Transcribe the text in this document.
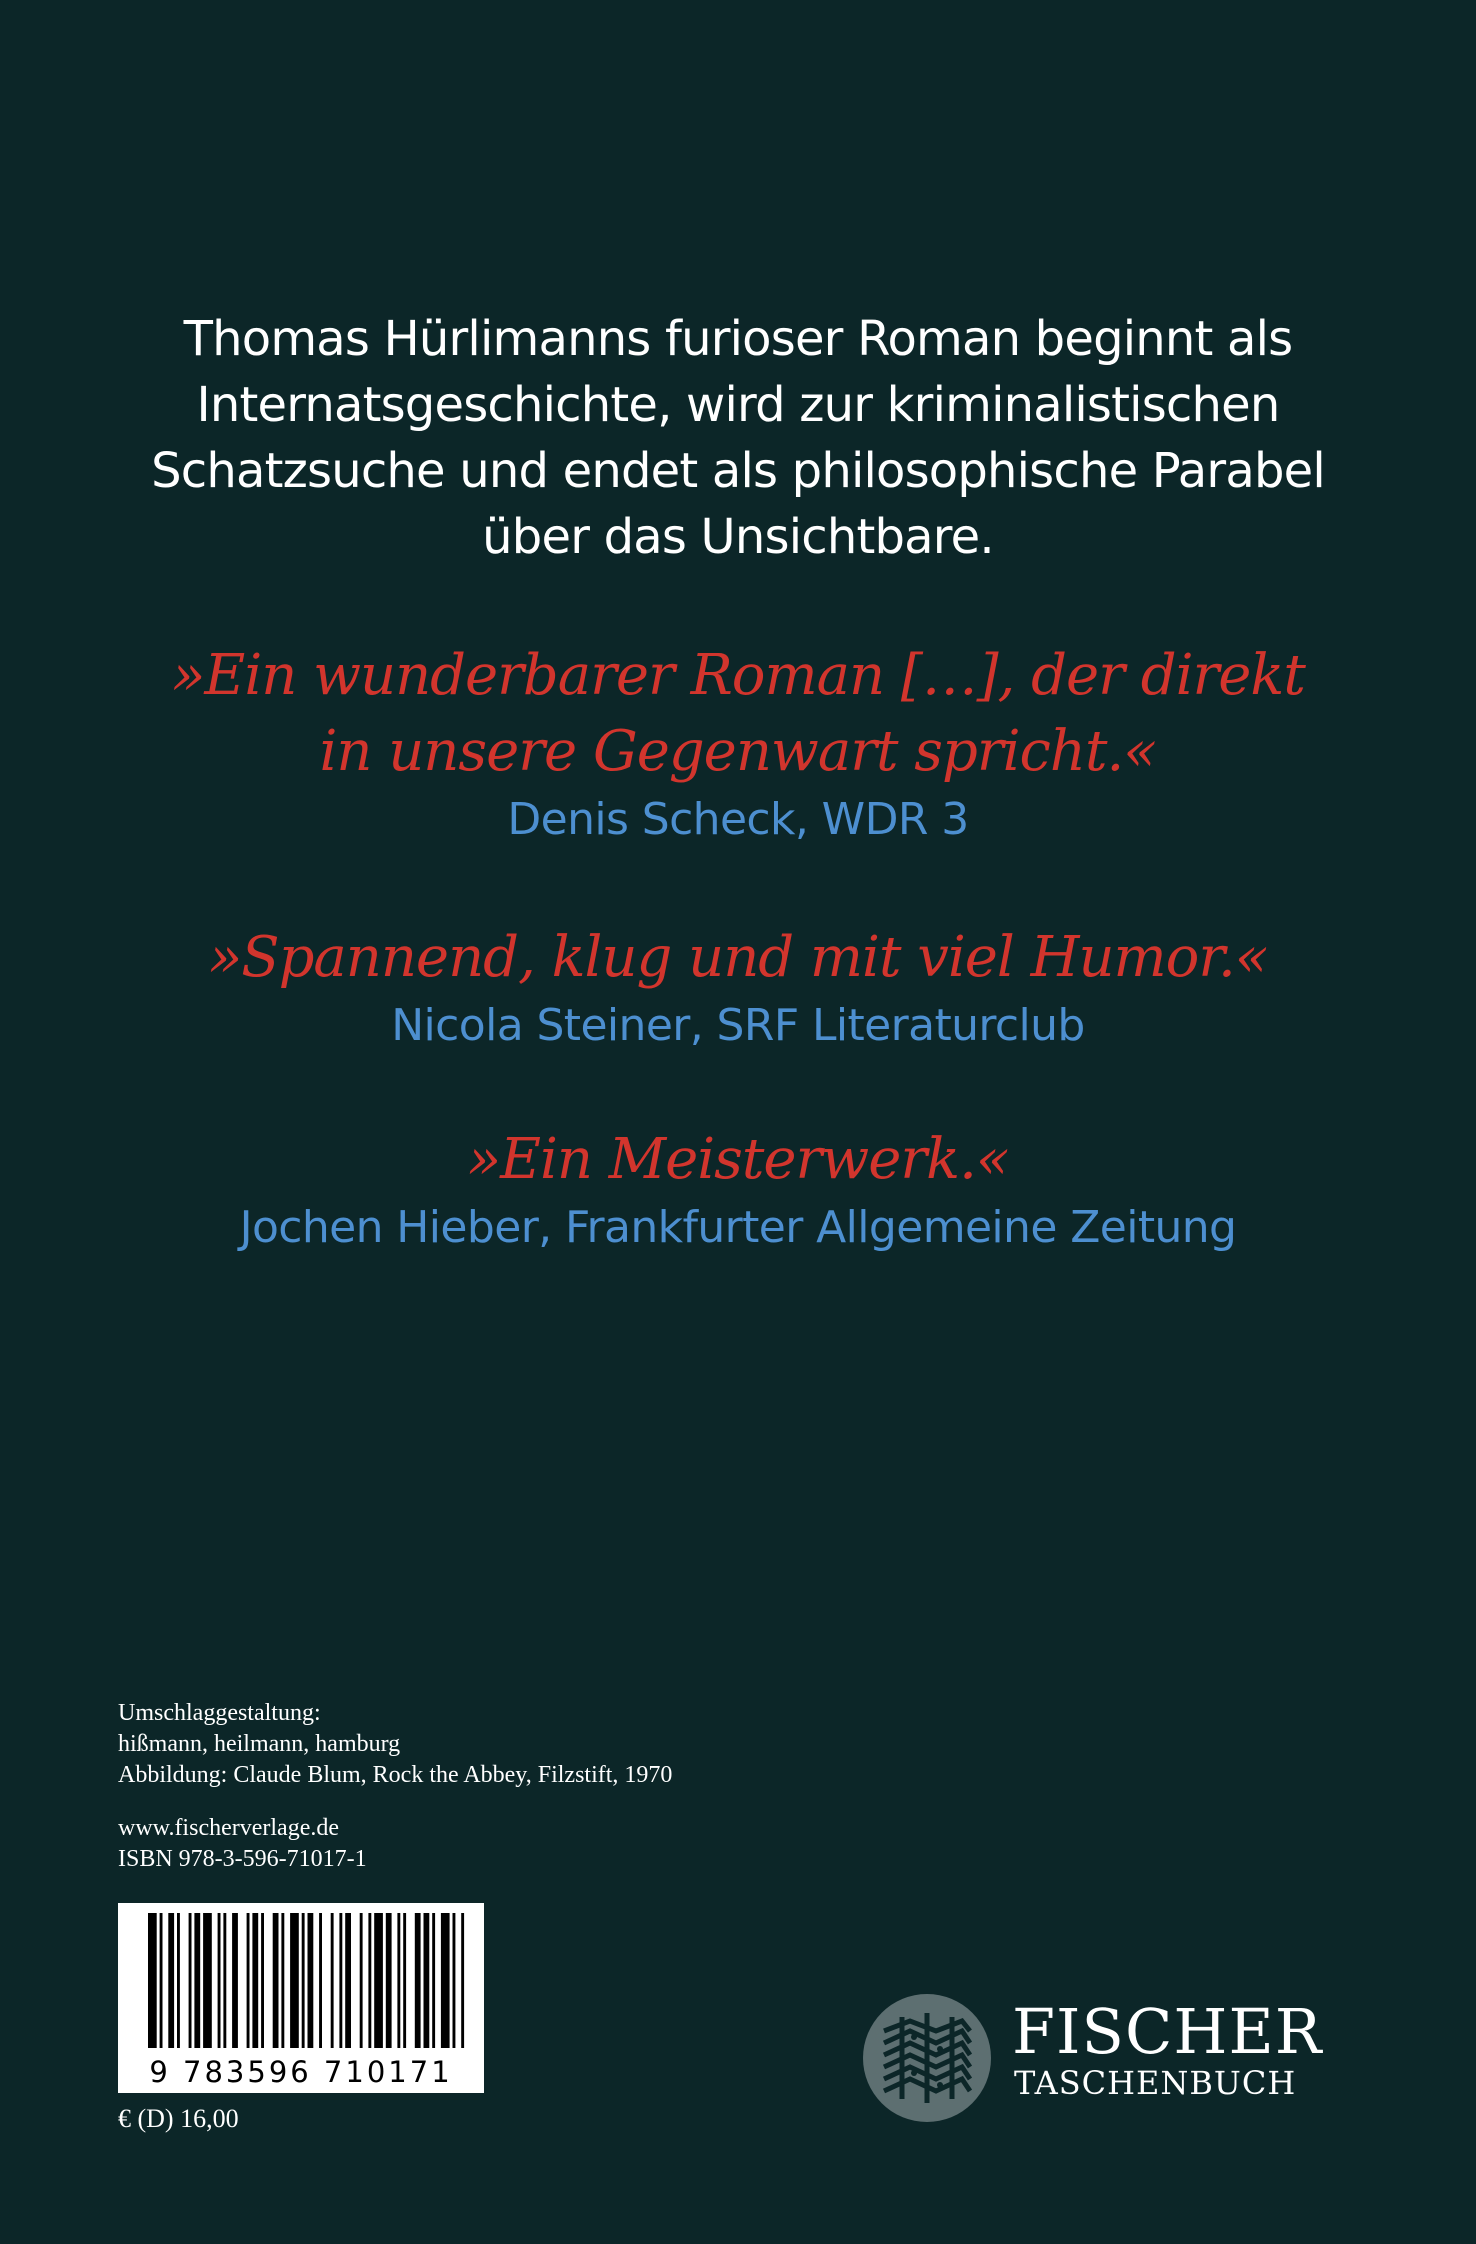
Thomas Hürlimanns furioser Roman beginnt als
Internatsgeschichte, wird zur kriminalistischen
Schatzsuche und endet als philosophische Parabel
über das Unsichtbare.
»Ein wunderbarer Roman […], der direkt
in unsere Gegenwart spricht.«
Denis Scheck, WDR 3
»Spannend, klug und mit viel Humor.«
Nicola Steiner, SRF Literaturclub
»Ein Meisterwerk.«
Jochen Hieber, Frankfurter Allgemeine Zeitung
Umschlaggestaltung:
hißmann, heilmann, hamburg
Abbildung: Claude Blum, Rock the Abbey, Filzstift, 1970
www.fischerverlage.de
ISBN 978-3-596-71017-1
9 783596 710171
€ (D) 16,00
FISCHER
TASCHENBUCH
